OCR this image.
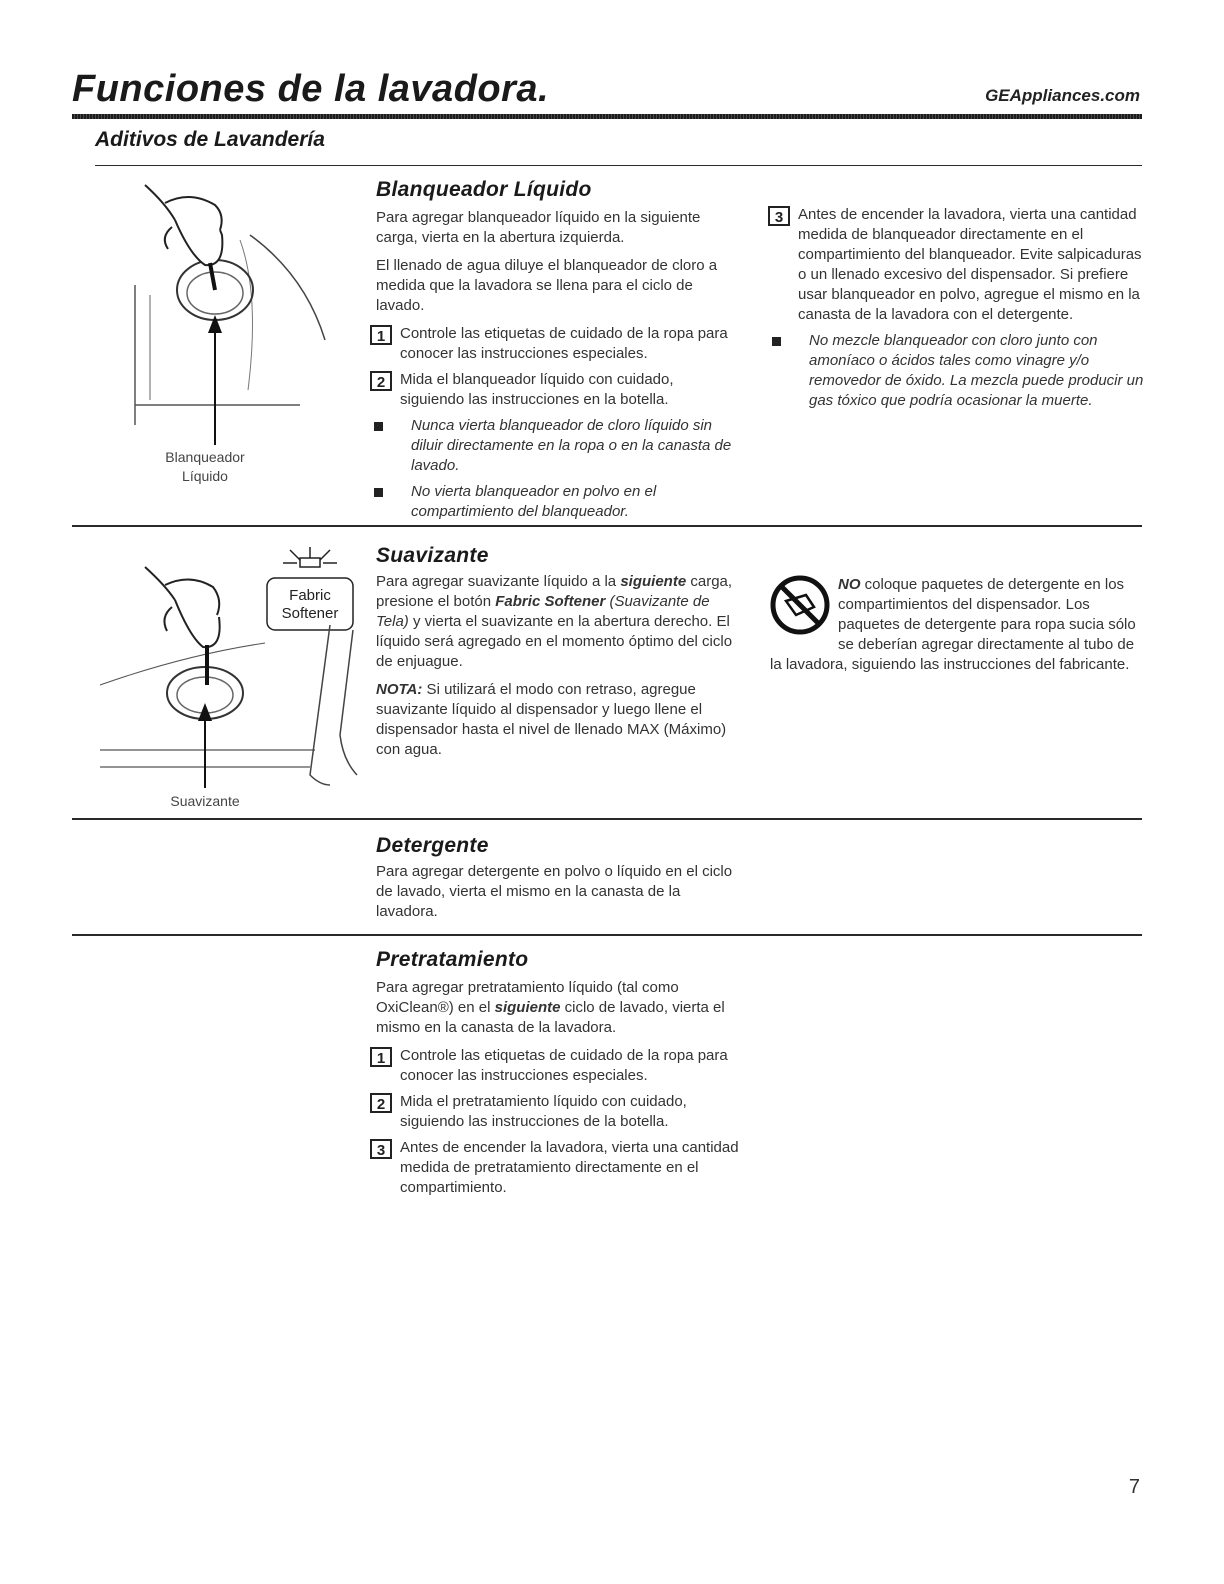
Funciones de la lavadora.	GEAppliances.com
Aditivos de Lavandería
Blanqueador
Líquido
Blanqueador Líquido

Para agregar blanqueador líquido en la siguiente carga, vierta en la abertura izquierda.

El llenado de agua diluye el blanqueador de cloro a medida que la lavadora se llena para el ciclo de lavado.

1 Controle las etiquetas de cuidado de la ropa para conocer las instrucciones especiales.
2 Mida el blanqueador líquido con cuidado, siguiendo las instrucciones en la botella.
Nunca vierta blanqueador de cloro líquido sin diluir directamente en la ropa o en la canasta de lavado.
No vierta blanqueador en polvo en el compartimiento del blanqueador.
3 Antes de encender la lavadora, vierta una cantidad medida de blanqueador directamente en el compartimiento del blanqueador. Evite salpicaduras o un llenado excesivo del dispensador. Si prefiere usar blanqueador en polvo, agregue el mismo en la canasta de la lavadora con el detergente.
No mezcle blanqueador con cloro junto con amoníaco o ácidos tales como vinagre y/o removedor de óxido. La mezcla puede producir un gas tóxico que podría ocasionar la muerte.
Fabric
Softener
Suavizante
Suavizante

Para agregar suavizante líquido a la siguiente carga, presione el botón Fabric Softener (Suavizante de Tela) y vierta el suavizante en la abertura derecho. El líquido será agregado en el momento óptimo del ciclo de enjuague.

NOTA: Si utilizará el modo con retraso, agregue suavizante líquido al dispensador y luego llene el dispensador hasta el nivel de llenado MAX (Máximo) con agua.

NO coloque paquetes de detergente en los compartimientos del dispensador. Los paquetes de detergente para ropa sucia sólo se deberían agregar directamente al tubo de la lavadora, siguiendo las instrucciones del fabricante.

Detergente

Para agregar detergente en polvo o líquido en el ciclo de lavado, vierta el mismo en la canasta de la lavadora.

Pretratamiento

Para agregar pretratamiento líquido (tal como OxiClean®) en el siguiente ciclo de lavado, vierta el mismo en la canasta de la lavadora.

1 Controle las etiquetas de cuidado de la ropa para conocer las instrucciones especiales.
2 Mida el pretratamiento líquido con cuidado, siguiendo las instrucciones de la botella.
3 Antes de encender la lavadora, vierta una cantidad medida de pretratamiento directamente en el compartimiento.
7
